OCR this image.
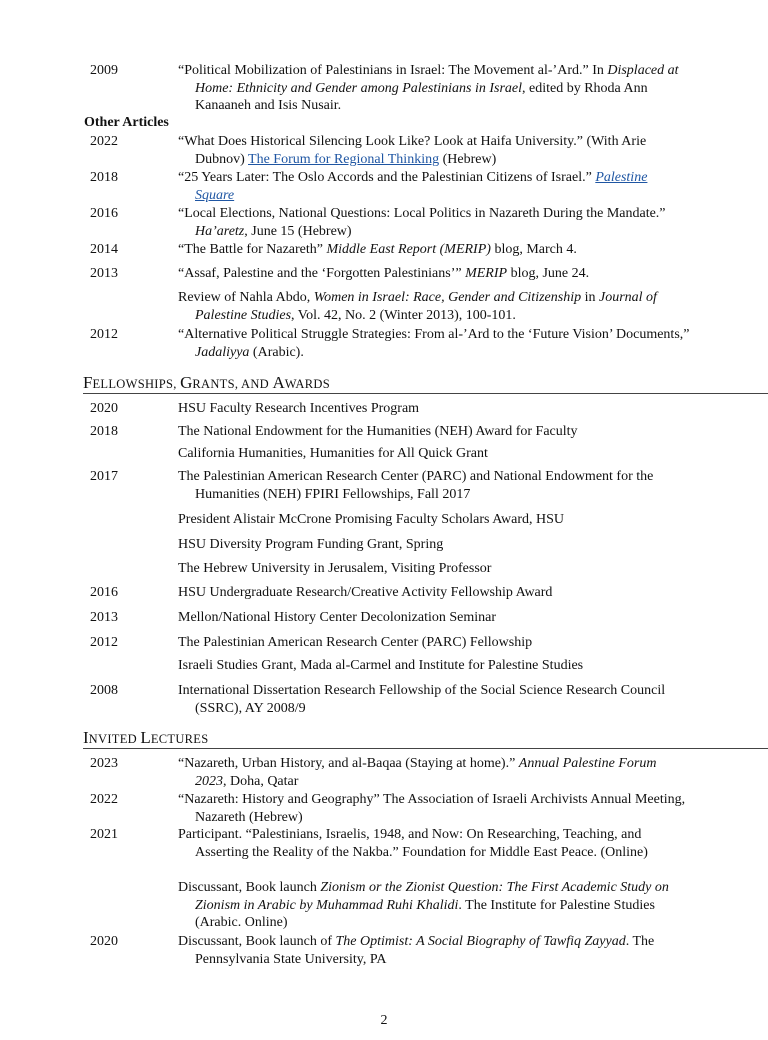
2009	“Political Mobilization of Palestinians in Israel: The Movement al-’Ard.” In Displaced at Home: Ethnicity and Gender among Palestinians in Israel, edited by Rhoda Ann Kanaaneh and Isis Nusair.
Other Articles
2022	“What Does Historical Silencing Look Like? Look at Haifa University.” (With Arie Dubnov) The Forum for Regional Thinking (Hebrew)
2018	“25 Years Later: The Oslo Accords and the Palestinian Citizens of Israel.” Palestine Square
2016	“Local Elections, National Questions: Local Politics in Nazareth During the Mandate.” Ha’aretz, June 15 (Hebrew)
2014	“The Battle for Nazareth” Middle East Report (MERIP) blog, March 4.
2013	“Assaf, Palestine and the ‘Forgotten Palestinians’” MERIP blog, June 24.
Review of Nahla Abdo, Women in Israel: Race, Gender and Citizenship in Journal of Palestine Studies, Vol. 42, No. 2 (Winter 2013), 100-101.
2012	“Alternative Political Struggle Strategies: From al-’Ard to the ‘Future Vision’ Documents,” Jadaliyya (Arabic).
FELLOWSHIPS, GRANTS, AND AWARDS
2020	HSU Faculty Research Incentives Program
2018	The National Endowment for the Humanities (NEH) Award for Faculty
California Humanities, Humanities for All Quick Grant
2017	The Palestinian American Research Center (PARC) and National Endowment for the Humanities (NEH) FPIRI Fellowships, Fall 2017
President Alistair McCrone Promising Faculty Scholars Award, HSU
HSU Diversity Program Funding Grant, Spring
The Hebrew University in Jerusalem, Visiting Professor
2016	HSU Undergraduate Research/Creative Activity Fellowship Award
2013	Mellon/National History Center Decolonization Seminar
2012	The Palestinian American Research Center (PARC) Fellowship
Israeli Studies Grant, Mada al-Carmel and Institute for Palestine Studies
2008	International Dissertation Research Fellowship of the Social Science Research Council (SSRC), AY 2008/9
INVITED LECTURES
2023	“Nazareth, Urban History, and al-Baqaa (Staying at home).” Annual Palestine Forum 2023, Doha, Qatar
2022	“Nazareth: History and Geography” The Association of Israeli Archivists Annual Meeting, Nazareth (Hebrew)
2021	Participant. “Palestinians, Israelis, 1948, and Now: On Researching, Teaching, and Asserting the Reality of the Nakba.” Foundation for Middle East Peace. (Online)
Discussant, Book launch Zionism or the Zionist Question: The First Academic Study on Zionism in Arabic by Muhammad Ruhi Khalidi. The Institute for Palestine Studies (Arabic. Online)
2020	Discussant, Book launch of The Optimist: A Social Biography of Tawfiq Zayyad. The Pennsylvania State University, PA
2
